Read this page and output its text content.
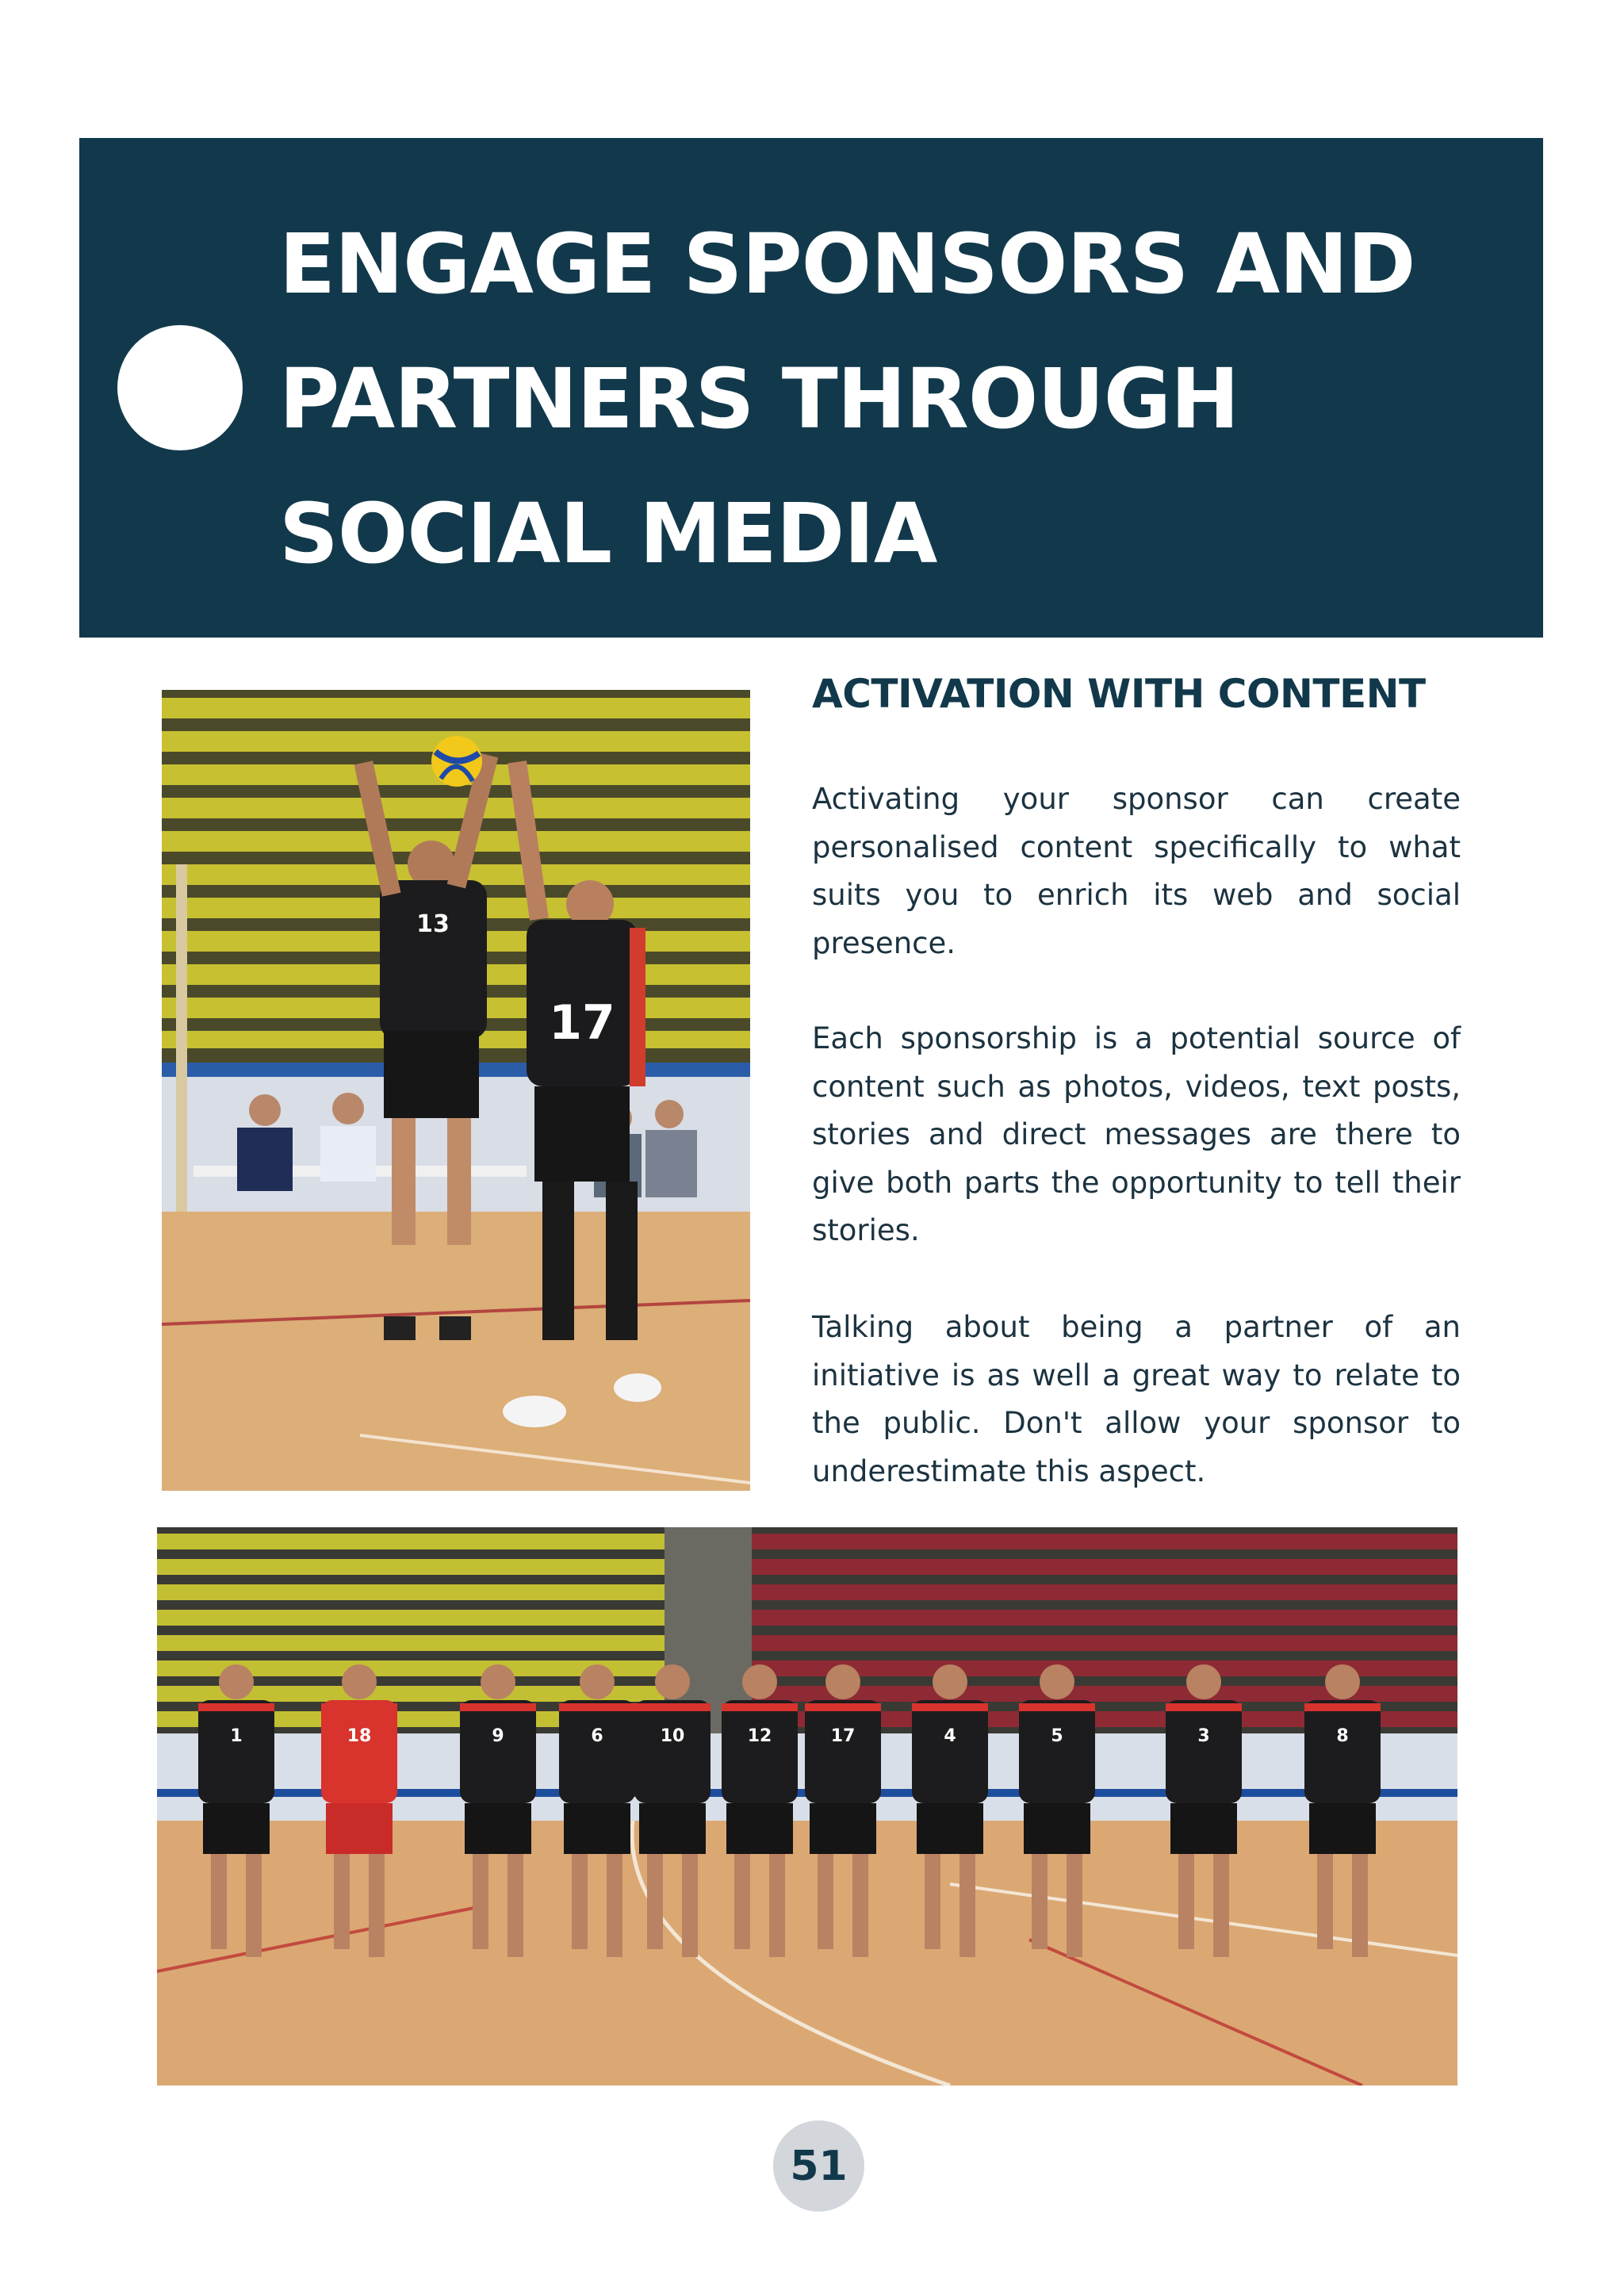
ENGAGE SPONSORS AND
PARTNERS THROUGH
SOCIAL MEDIA
13
17
ACTIVATION WITH CONTENT

Activating your sponsor can create personalised content specifically to what suits you to enrich its web and social presence.

Each sponsorship is a potential source of content such as photos, videos, text posts, stories and direct messages are there to give both parts the opportunity to tell their stories.

Talking about being a partner of an initiative is as well a great way to relate to the public. Don't allow your sponsor to underestimate this aspect.

1	18	9	6	10	12	17	4	5	3	8
51
